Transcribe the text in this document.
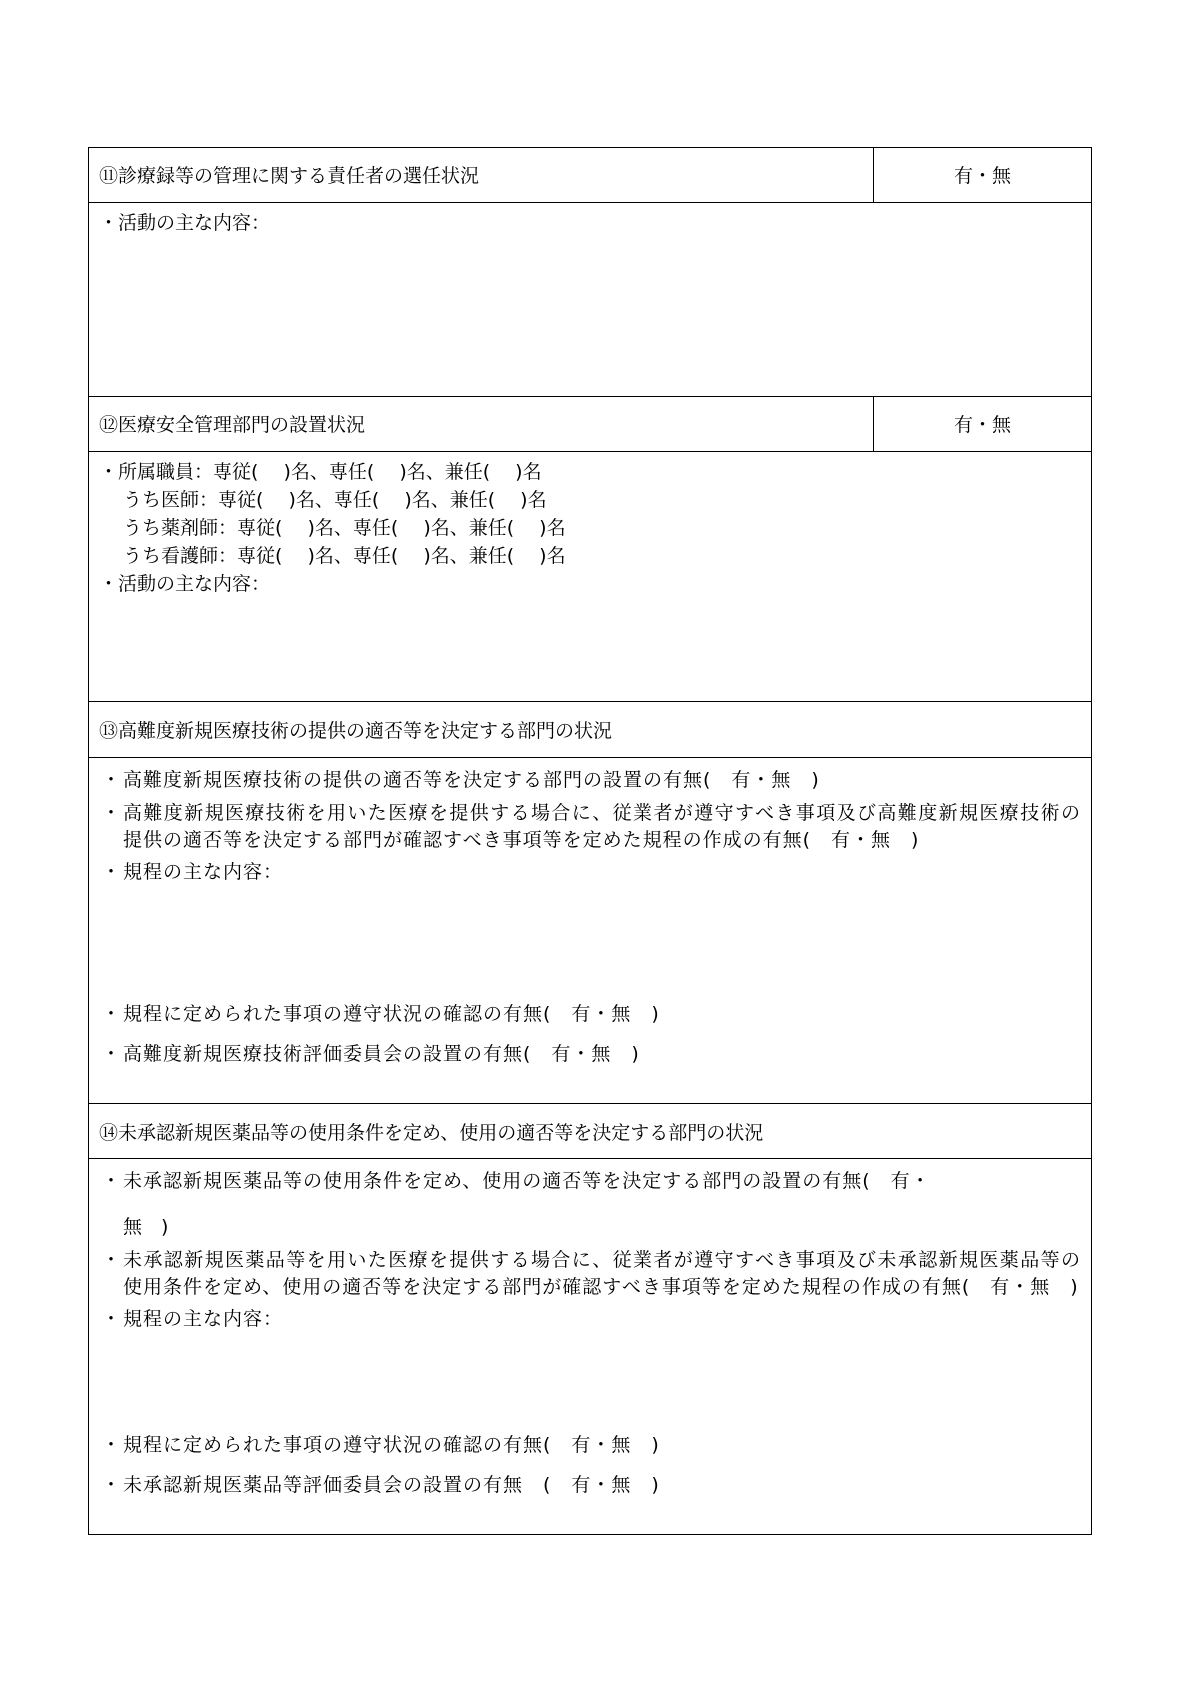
⑪診療録等の管理に関する責任者の選任状況	有・無
・活動の主な内容：
⑫医療安全管理部門の設置状況	有・無
・所属職員：専従(　 )名、専任(　 )名、兼任(　 )名
うち医師：専従(　 )名、専任(　 )名、兼任(　 )名
うち薬剤師：専従(　 )名、専任(　 )名、兼任(　 )名
うち看護師：専従(　 )名、専任(　 )名、兼任(　 )名
・活動の主な内容：
⑬高難度新規医療技術の提供の適否等を決定する部門の状況
・ 高難度新規医療技術の提供の適否等を決定する部門の設置の有無(　有・無　)
・ 高難度新規医療技術を用いた医療を提供する場合に、従業者が遵守すべき事項及び高難度新規医療技術の提供の適否等を決定する部門が確認すべき事項等を定めた規程の作成の有無(　有・無　)
・ 規程の主な内容：
・ 規程に定められた事項の遵守状況の確認の有無(　有・無　)
・ 高難度新規医療技術評価委員会の設置の有無(　有・無　)
⑭未承認新規医薬品等の使用条件を定め、使用の適否等を決定する部門の状況
・ 未承認新規医薬品等の使用条件を定め、使用の適否等を決定する部門の設置の有無(　有・
無　)
・ 未承認新規医薬品等を用いた医療を提供する場合に、従業者が遵守すべき事項及び未承認新規医薬品等の使用条件を定め、使用の適否等を決定する部門が確認すべき事項等を定めた規程の作成の有無(　有・無　)
・ 規程の主な内容：
・ 規程に定められた事項の遵守状況の確認の有無(　有・無　)
・ 未承認新規医薬品等評価委員会の設置の有無　(　有・無　)
